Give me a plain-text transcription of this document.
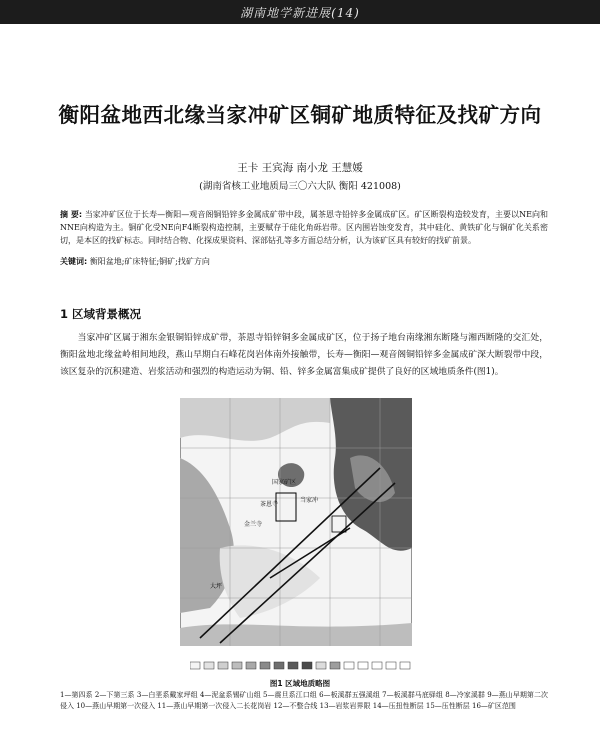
湖南地学新进展(14)
衡阳盆地西北缘当家冲矿区铜矿地质特征及找矿方向
王卡 王宾海 南小龙 王慧媛
(湖南省核工业地质局三〇六大队 衡阳 421008)
摘 要: 当家冲矿区位于长寿—衡阳—观音阁铜铅锌多金属成矿带中段，属茶恩寺铅锌多金属成矿区。矿区断裂构造较发育，主要以NE向和NNE向构造为主。铜矿化受NE向F4断裂构造控制，主要赋存于硅化角砾岩带。区内围岩蚀变发育，其中硅化、黄铁矿化与铜矿化关系密切，是本区的找矿标志。同时结合物、化探成果资料、深部钻孔等多方面总结分析，认为该矿区具有较好的找矿前景。
关键词: 衡阳盆地;矿床特征;铜矿;找矿方向
1 区域背景概况
当家冲矿区属于湘东金银铜铅锌成矿带，茶恩寺铅锌铜多金属成矿区，位于扬子地台南缘湘东断隆与湘西断隆的交汇处，衡阳盆地北缘盆岭相间地段，燕山早期白石峰花岗岩体南外接触带，长寿—衡阳—观音阁铜铅锌多金属成矿深大断裂带中段，该区复杂的沉积建造、岩浆活动和强烈的构造运动为铜、铅、锌多金属富集成矿提供了良好的区域地质条件(图1)。
国家矿区
茶恩寺
金兰寺
当家冲
大坪
图1 区域地质略图
1—第四系 2—下第三系 3—白垩系戴家坪组 4—泥盆系锡矿山组 5—震旦系江口组 6—板溪群五强溪组 7—板溪群马底驿组 8—冷家溪群 9—燕山早期第二次侵入 10—燕山早期第一次侵入 11—燕山早期第一次侵入二长花岗岩 12—不整合线 13—岩浆岩界限 14—压扭性断层 15—压性断层 16—矿区范围
